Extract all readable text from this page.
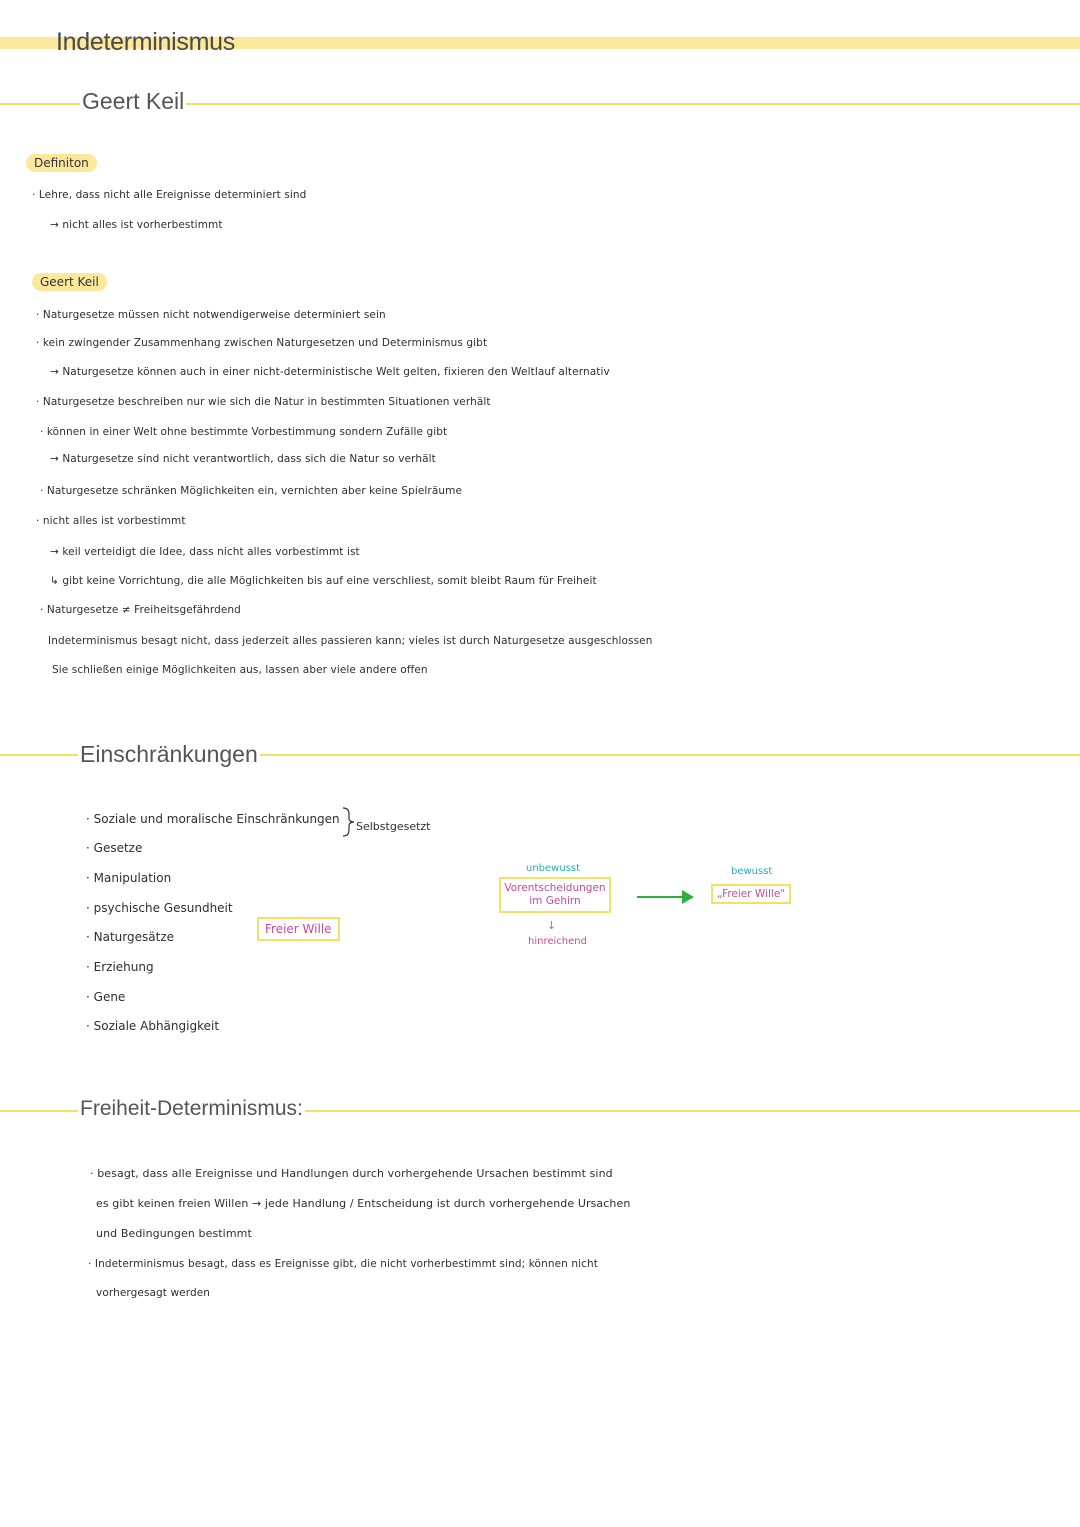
Indeterminismus
Geert Keil
Definiton
· Lehre, dass nicht alle Ereignisse determiniert sind
→ nicht alles ist vorherbestimmt
Geert Keil
· Naturgesetze müssen nicht notwendigerweise determiniert sein
· kein zwingender Zusammenhang zwischen Naturgesetzen und Determinismus gibt
→ Naturgesetze können auch in einer nicht-deterministische Welt gelten, fixieren den Weltlauf alternativ
· Naturgesetze beschreiben nur wie sich die Natur in bestimmten Situationen verhält
· können in einer Welt ohne bestimmte Vorbestimmung sondern Zufälle gibt
→ Naturgesetze sind nicht verantwortlich, dass sich die Natur so verhält
· Naturgesetze schränken Möglichkeiten ein, vernichten aber keine Spielräume
· nicht alles ist vorbestimmt
→ keil verteidigt die Idee, dass nicht alles vorbestimmt ist
↳ gibt keine Vorrichtung, die alle Möglichkeiten bis auf eine verschliest, somit bleibt Raum für Freiheit
· Naturgesetze ≠ Freiheitsgefährdend
Indeterminismus besagt nicht, dass jederzeit alles passieren kann; vieles ist durch Naturgesetze ausgeschlossen
Sie schließen einige Möglichkeiten aus, lassen aber viele andere offen
Einschränkungen
· Soziale und moralische Einschränkungen
· Gesetze
· Manipulation
· psychische Gesundheit
· Naturgesätze
· Erziehung
· Gene
· Soziale Abhängigkeit
Selbstgesetzt
Freier Wille
unbewusst
Vorentscheidungen im Gehirn
↓
hinreichend
bewusst
„Freier Wille"
Freiheit-Determinismus:
· besagt, dass alle Ereignisse und Handlungen durch vorhergehende Ursachen bestimmt sind
es gibt keinen freien Willen → jede Handlung / Entscheidung ist durch vorhergehende Ursachen
und Bedingungen bestimmt
· Indeterminismus besagt, dass es Ereignisse gibt, die nicht vorherbestimmt sind; können nicht
vorhergesagt werden
